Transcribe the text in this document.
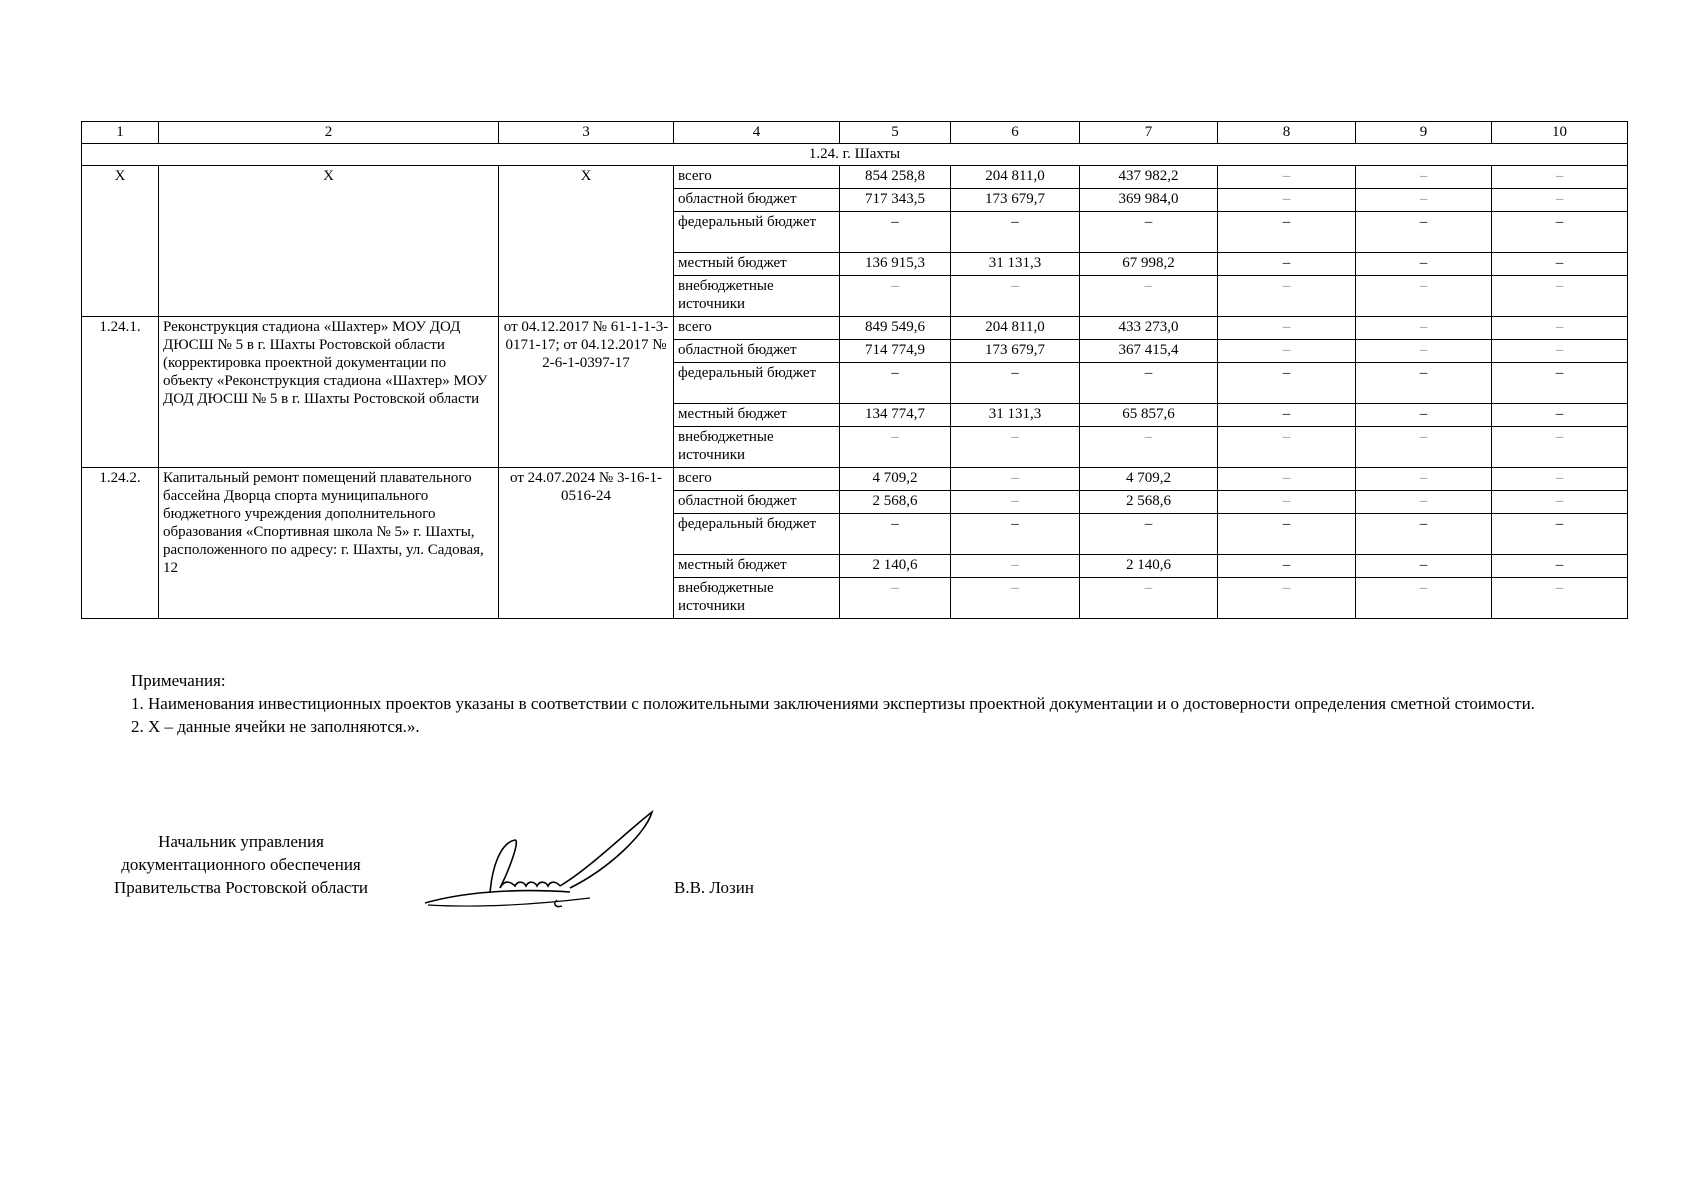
1	2	3	4	5	6	7	8	9	10
1.24. г. Шахты									
Х	Х	Х	всего	854 258,8	204 811,0	437 982,2	–	–	–
			областной бюджет	717 343,5	173 679,7	369 984,0	–	–	–
			федеральный бюджет	–	–	–	–	–	–
			местный бюджет	136 915,3	31 131,3	67 998,2	–	–	–
			внебюджетные источники	–	–	–	–	–	–
1.24.1.	Реконструкция стадиона «Шахтер» МОУ ДОД ДЮСШ № 5 в г. Шахты Ростовской области (корректировка проектной документации по объекту «Реконструкция стадиона «Шахтер» МОУ ДОД ДЮСШ № 5 в г. Шахты Ростовской области	от 04.12.2017 № 61-1-1-3-0171-17; от 04.12.2017 № 2-6-1-0397-17	всего	849 549,6	204 811,0	433 273,0	–	–	–
			областной бюджет	714 774,9	173 679,7	367 415,4	–	–	–
			федеральный бюджет	–	–	–	–	–	–
			местный бюджет	134 774,7	31 131,3	65 857,6	–	–	–
			внебюджетные источники	–	–	–	–	–	–
1.24.2.	Капитальный ремонт помещений плавательного бассейна Дворца спорта муниципального бюджетного учреждения дополнительного образования «Спортивная школа № 5» г. Шахты, расположенного по адресу: г. Шахты, ул. Садовая, 12	от 24.07.2024 № 3-16-1-0516-24	всего	4 709,2	–	4 709,2	–	–	–
			областной бюджет	2 568,6	–	2 568,6	–	–	–
			федеральный бюджет	–	–	–	–	–	–
			местный бюджет	2 140,6	–	2 140,6	–	–	–
			внебюджетные источники	–	–	–	–	–	–

Примечания:

1. Наименования инвестиционных проектов указаны в соответствии с положительными заключениями экспертизы проектной документации и о достоверности определения сметной стоимости.

2. Х – данные ячейки не заполняются.».

Начальник управления
документационного обеспечения
Правительства Ростовской области	В.В. Лозин
